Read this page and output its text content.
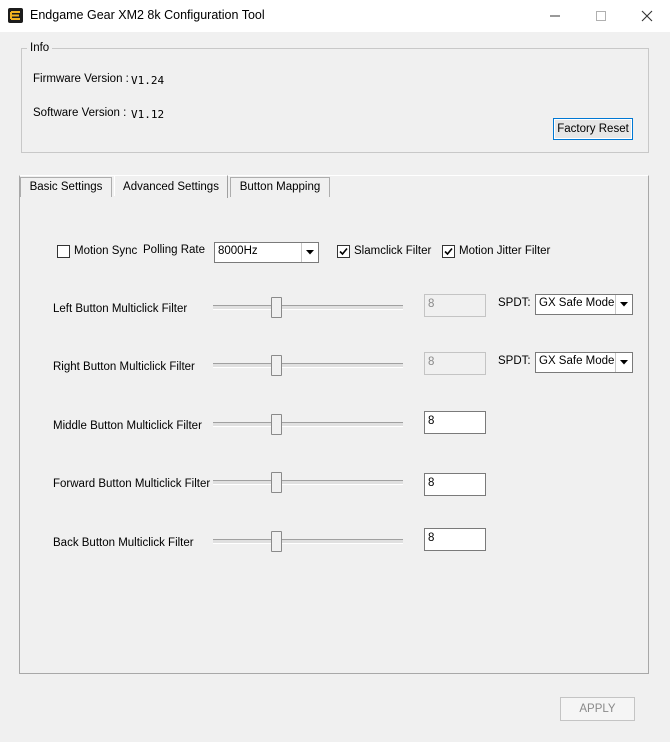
Endgame Gear XM2 8k Configuration Tool
Info
Firmware Version : V1.24
Software Version : V1.12
Factory Reset
Basic Settings	Advanced Settings	Button Mapping
Motion Sync Polling Rate 8000Hz	Slamclick Filter Motion Jitter Filter
Left Button Multiclick Filter	8	SPDT: GX Safe Mode
Right Button Multiclick Filter	8	SPDT: GX Safe Mode
Middle Button Multiclick Filter	8
Forward Button Multiclick Filter	8
Back Button Multiclick Filter	8
APPLY
